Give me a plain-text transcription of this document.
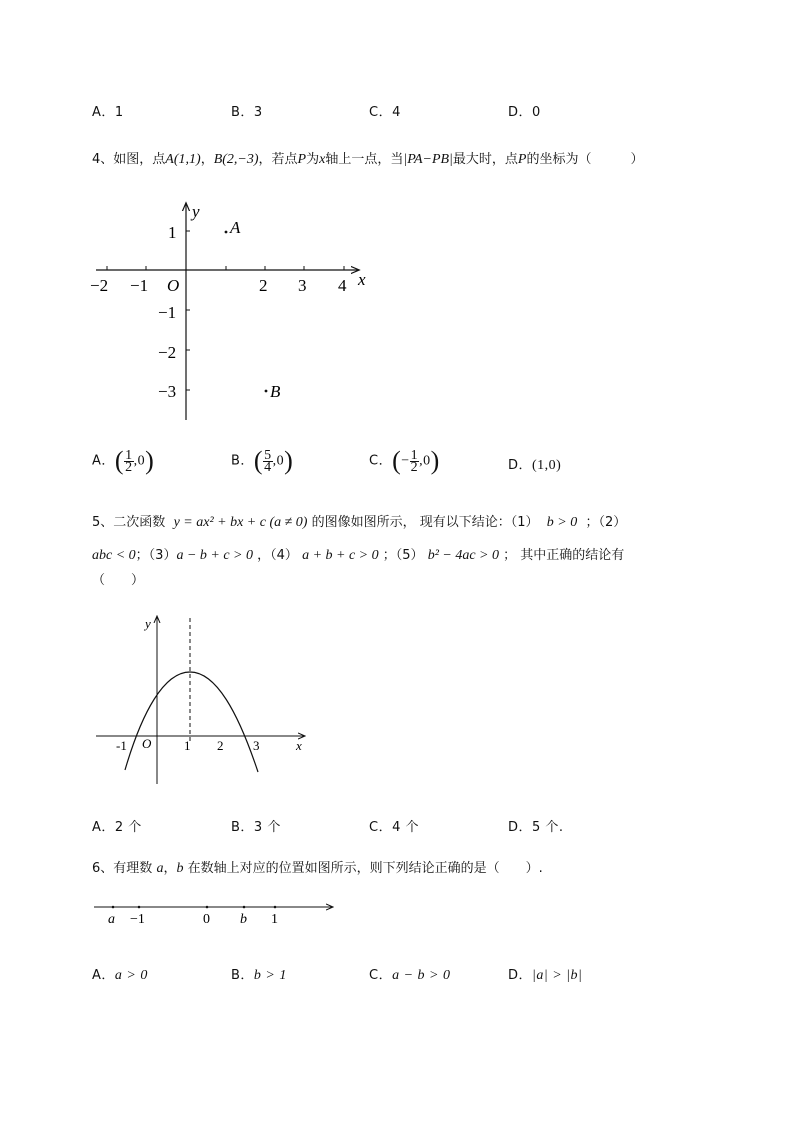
A．1	B．3	C．4	D．0
4、如图，点A(1,1)，B(2,−3)，若点P为x轴上一点，当|PA−PB|最大时，点P的坐标为（　　　）
−2 −1 O	2 3 4 x
y
1
−1
−2
−3
A
B
A．( $\frac{1}{2} ,0$)	B．( $\frac{5}{4} ,0$)	C．(− $\frac{1}{2} ,0$)	D．(1,0)
5、二次函数 y = ax² + bx + c (a ≠ 0) 的图像如图所示， 现有以下结论：（1） b > 0 ；（2）
abc < 0；（3）a − b + c > 0 ，（4） a + b + c > 0 ；（5） b² − 4ac > 0 ； 其中正确的结论有
（　　）
y
x
O
-1	1 2 3
A．2 个	B．3 个	C．4 个	D．5 个.
6、有理数 a，b 在数轴上对应的位置如图所示，则下列结论正确的是（　　）.
a −1	0 b 1
A．a > 0	B．b > 1	C．a − b > 0	D．|a| > |b|
